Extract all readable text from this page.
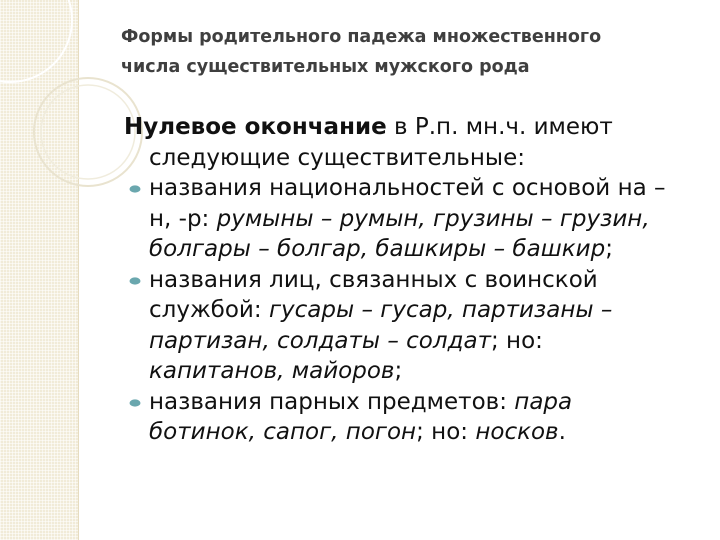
Формы родительного падежа множественного
числа существительных мужского рода
Нулевое окончание в Р.п. мн.ч. имеют
следующие существительные:
названия национальностей с основой на –
н, -р: румыны – румын, грузины – грузин,
болгары – болгар, башкиры – башкир;
названия лиц, связанных с воинской
службой: гусары – гусар, партизаны –
партизан, солдаты – солдат; но:
капитанов, майоров;
названия парных предметов: пара
ботинок, сапог, погон; но: носков.
